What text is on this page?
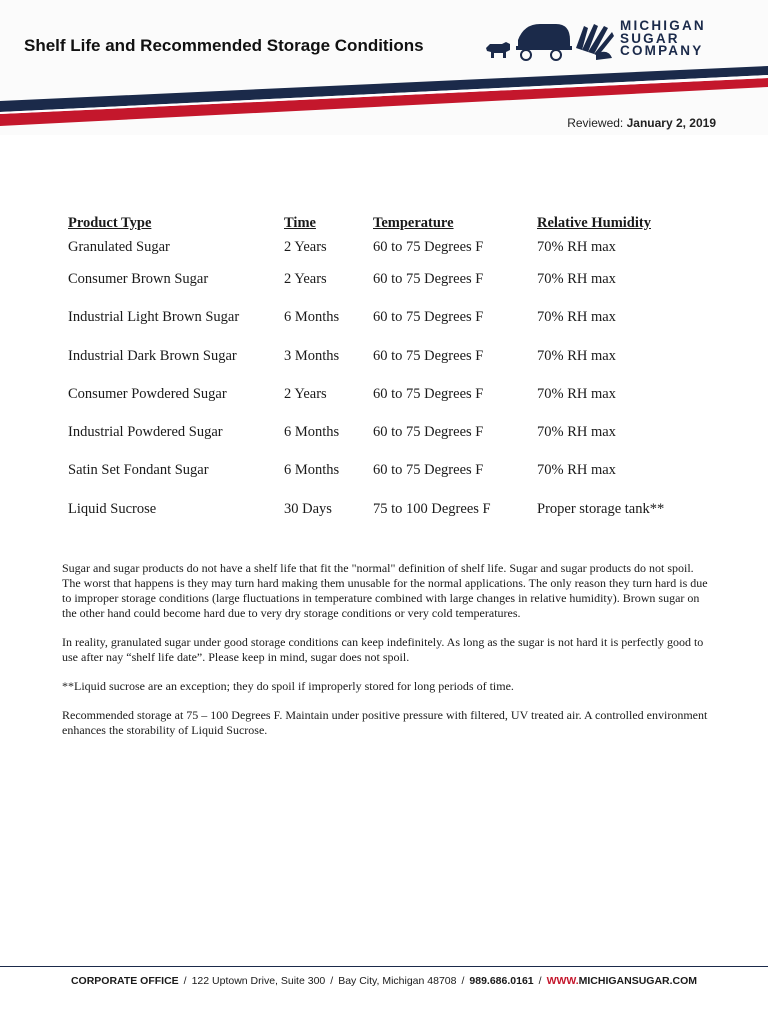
Shelf Life and Recommended Storage Conditions
MICHIGAN
SUGAR
COMPANY
Reviewed: January 2, 2019
Product Type	Time	Temperature	Relative Humidity
Granulated Sugar	2 Years	60 to 75 Degrees F	70% RH max
Consumer Brown Sugar	2 Years	60 to 75 Degrees F	70% RH max
Industrial Light Brown Sugar	6 Months	60 to 75 Degrees F	70% RH max
Industrial Dark Brown Sugar	3 Months	60 to 75 Degrees F	70% RH max
Consumer Powdered Sugar	2 Years	60 to 75 Degrees F	70% RH max
Industrial Powdered Sugar	6 Months	60 to 75 Degrees F	70% RH max
Satin Set Fondant Sugar	6 Months	60 to 75 Degrees F	70% RH max
Liquid Sucrose	30 Days	75 to 100 Degrees F	Proper storage tank**

Sugar and sugar products do not have a shelf life that fit the "normal" definition of shelf life. Sugar and sugar products do not spoil. The worst that happens is they may turn hard making them unusable for the normal applications. The only reason they turn hard is due to improper storage conditions (large fluctuations in temperature combined with large changes in relative humidity). Brown sugar on the other hand could become hard due to very dry storage conditions or very cold temperatures.

In reality, granulated sugar under good storage conditions can keep indefinitely. As long as the sugar is not hard it is perfectly good to use after nay “shelf life date”. Please keep in mind, sugar does not spoil.

**Liquid sucrose are an exception; they do spoil if improperly stored for long periods of time.

Recommended storage at 75 – 100 Degrees F. Maintain under positive pressure with filtered, UV treated air. A controlled environment enhances the storability of Liquid Sucrose.

CORPORATE OFFICE / 122 Uptown Drive, Suite 300 / Bay City, Michigan 48708 / 989.686.0161 / WWW.MICHIGANSUGAR.COM
